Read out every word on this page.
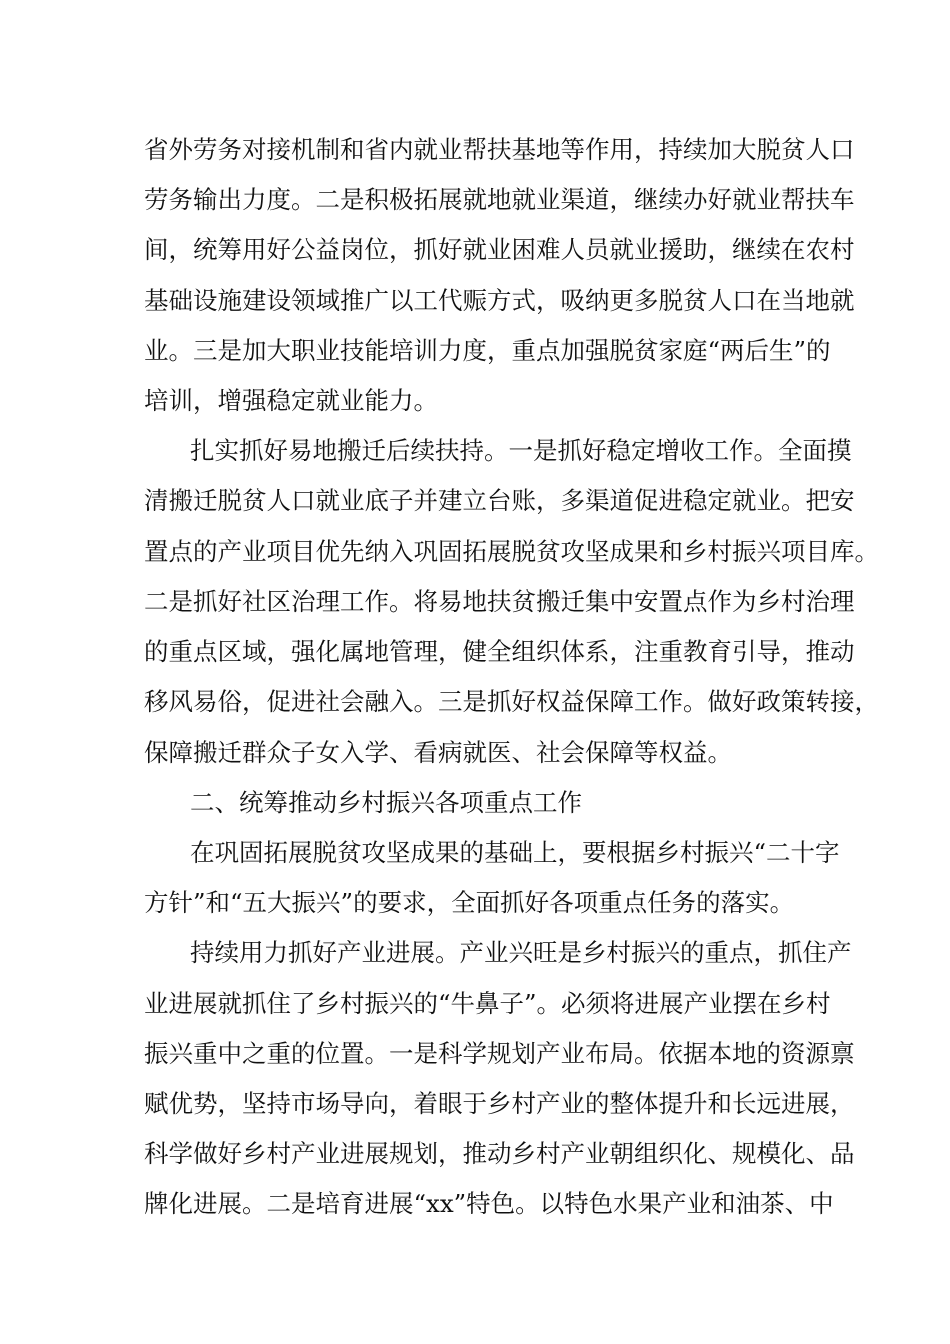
省外劳务对接机制和省内就业帮扶基地等作用，持续加大脱贫人口

劳务输出力度。二是积极拓展就地就业渠道，继续办好就业帮扶车

间，统筹用好公益岗位，抓好就业困难人员就业援助，继续在农村

基础设施建设领域推广以工代赈方式，吸纳更多脱贫人口在当地就

业。三是加大职业技能培训力度，重点加强脱贫家庭“两后生”的

培训，增强稳定就业能力。

扎实抓好易地搬迁后续扶持。一是抓好稳定增收工作。全面摸

清搬迁脱贫人口就业底子并建立台账，多渠道促进稳定就业。把安

置点的产业项目优先纳入巩固拓展脱贫攻坚成果和乡村振兴项目库。

二是抓好社区治理工作。将易地扶贫搬迁集中安置点作为乡村治理

的重点区域，强化属地管理，健全组织体系，注重教育引导，推动

移风易俗，促进社会融入。三是抓好权益保障工作。做好政策转接，

保障搬迁群众子女入学、看病就医、社会保障等权益。

二、统筹推动乡村振兴各项重点工作

在巩固拓展脱贫攻坚成果的基础上，要根据乡村振兴“二十字

方针”和“五大振兴”的要求，全面抓好各项重点任务的落实。

持续用力抓好产业进展。产业兴旺是乡村振兴的重点，抓住产

业进展就抓住了乡村振兴的“牛鼻子”。必须将进展产业摆在乡村

振兴重中之重的位置。一是科学规划产业布局。依据本地的资源禀

赋优势，坚持市场导向，着眼于乡村产业的整体提升和长远进展，

科学做好乡村产业进展规划，推动乡村产业朝组织化、规模化、品

牌化进展。二是培育进展“xx”特色。以特色水果产业和油茶、中
